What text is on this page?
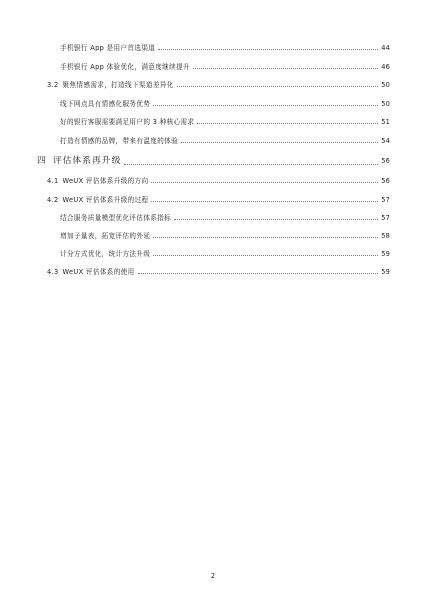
手机银行 App 是用户首选渠道	44
手机银行 App 体验优化，满意度继续提升	46
3.2 聚焦情感需求，打造线下渠道差异化	50
线下网点具有情感化服务优势	50
好的银行客服需要满足用户的 3 种核心需求	51
打造有情感的品牌，带来有温度的体验	54
四 评估体系再升级	56
4.1 WeUX 评估体系升级的方向	56
4.2 WeUX 评估体系升级的过程	57
结合服务质量模型优化评估体系指标	57
增加子量表，拓宽评估的外延	58
计分方式优化，统计方法升级	59
4.3 WeUX 评估体系的使用	59
2
